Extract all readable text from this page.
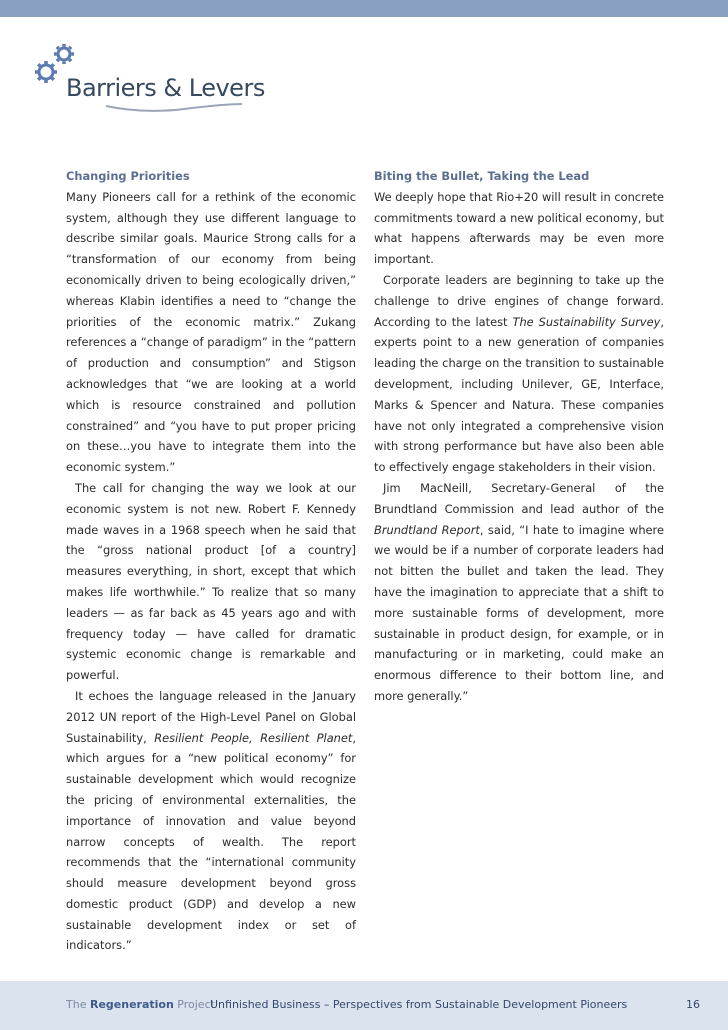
Barriers & Levers

Changing Priorities

Many Pioneers call for a rethink of the economic system, although they use different language to describe similar goals. Maurice Strong calls for a “transformation of our economy from being economically driven to being ecologically driven,” whereas Klabin identifies a need to “change the priorities of the economic matrix.” Zukang references a “change of paradigm” in the “pattern of production and consumption” and Stigson acknowledges that “we are looking at a world which is resource constrained and pollution constrained” and “you have to put proper pricing on these…you have to integrate them into the economic system.”

The call for changing the way we look at our economic system is not new. Robert F. Kennedy made waves in a 1968 speech when he said that the “gross national product [of a country] measures everything, in short, except that which makes life worthwhile.” To realize that so many leaders — as far back as 45 years ago and with frequency today — have called for dramatic systemic economic change is remarkable and powerful.

It echoes the language released in the January 2012 UN report of the High-Level Panel on Global Sustainability, Resilient People, Resilient Planet, which argues for a “new political economy” for sustainable development which would recognize the pricing of environmental externalities, the importance of innovation and value beyond narrow concepts of wealth. The report recommends that the “international community should measure development beyond gross domestic product (GDP) and develop a new sustainable development index or set of indicators.”

Biting the Bullet, Taking the Lead

We deeply hope that Rio+20 will result in concrete commitments toward a new political economy, but what happens afterwards may be even more important.

Corporate leaders are beginning to take up the challenge to drive engines of change forward. According to the latest The Sustainability Survey, experts point to a new generation of companies leading the charge on the transition to sustainable development, including Unilever, GE, Interface, Marks & Spencer and Natura. These companies have not only integrated a comprehensive vision with strong performance but have also been able to effectively engage stakeholders in their vision.

Jim MacNeill, Secretary-General of the Brundtland Commission and lead author of the Brundtland Report, said, “I hate to imagine where we would be if a number of corporate leaders had not bitten the bullet and taken the lead. They have the imagination to appreciate that a shift to more sustainable forms of development, more sustainable in product design, for example, or in manufacturing or in marketing, could make an enormous difference to their bottom line, and more generally.”

The Regeneration Project
Unfinished Business – Perspectives from Sustainable Development Pioneers	16
